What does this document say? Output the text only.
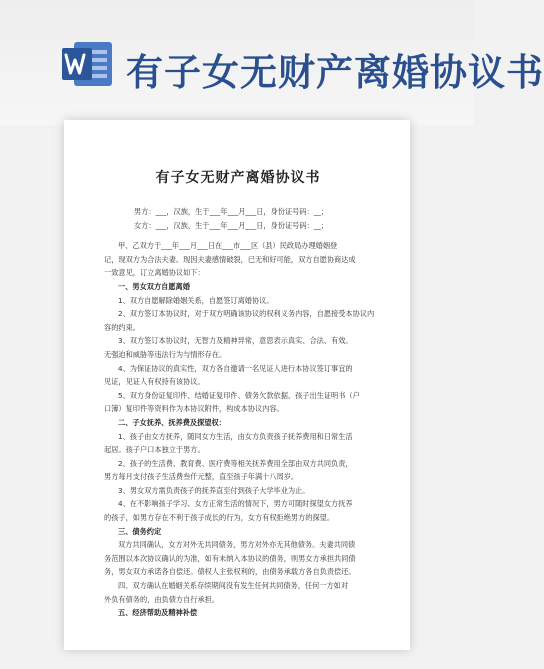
有子女无财产离婚协议书
有子女无财产离婚协议书
男方：___，汉族，生于___年___月___日，身份证号码：__；
女方：___，汉族，生于___年___月___日，身份证号码：__；
甲、乙双方于___年___月___日在___市___区（县）民政局办理婚姻登
记，现双方为合法夫妻。现因夫妻感情破裂，已无和好可能，双方自愿协商达成
一致意见，订立离婚协议如下：
一、男女双方自愿离婚
1、双方自愿解除婚姻关系，自愿签订离婚协议。
2、双方签订本协议时，对于双方明确该协议的权利义务内容，自愿接受本协议内
容的约束。
3、双方签订本协议时，无智力及精神异常，意思表示真实、合法、有效。
无强迫和威胁等违法行为与情形存在。
4、为保证协议的真实性，双方各自邀请一名见证人进行本协议签订事宜的
见证，见证人有权持有该协议。
5、双方身份证复印件、结婚证复印件、债务欠款依据、孩子出生证明书（户
口簿）复印件等资料作为本协议附件，构成本协议内容。
二、子女抚养、抚养费及探望权：
1、孩子由女方抚养，随同女方生活，由女方负责孩子抚养费用和日常生活
起居。孩子户口本独立于男方。
2、孩子的生活费、教育费、医疗费等相关抚养费用全部由双方共同负责，
男方每月支付孩子生活费叁仟元整，直至孩子年满十八周岁。
3、男女双方需负责孩子的抚养直至付到孩子大学毕业为止。
4、在不影响孩子学习、女方正常生活的情况下，男方可随时探望女方抚养
的孩子，如男方存在不利于孩子成长的行为，女方有权拒绝男方的探望。
三、债务约定
双方共同确认，女方对外无共同债务，男方对外亦无其他债务。夫妻共同债
务范围以本次协议确认的为准，如有未纳入本协议的债务，则男女方承担共同债
务，男女双方承诺各自偿还。债权人主张权利的，由债务承载方各自负责偿还。
四、双方确认在婚姻关系存续期间没有发生任何共同债务，任何一方如对
外负有债务的，由负债方自行承担。
五、经济帮助及精神补偿
